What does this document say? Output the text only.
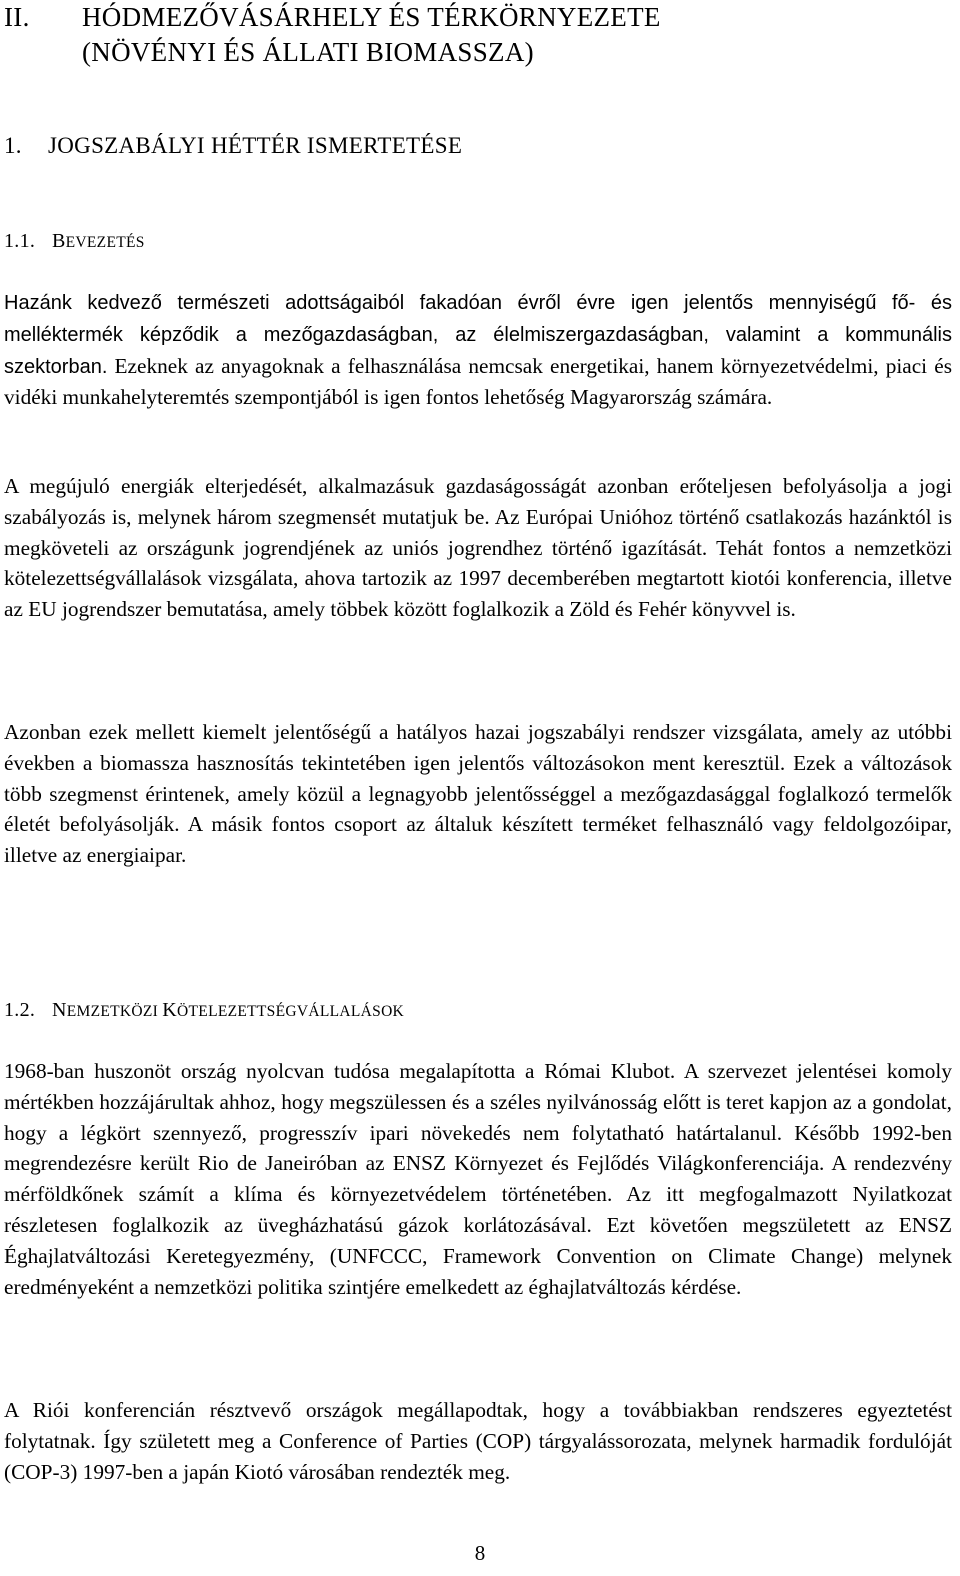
II. HÓDMEZŐVÁSÁRHELY ÉS TÉRKÖRNYEZETE
(NÖVÉNYI ÉS ÁLLATI BIOMASSZA)
1. JOGSZABÁLYI HÉTTÉR ISMERTETÉSE
1.1. BEVEZETÉS

Hazánk kedvező természeti adottságaiból fakadóan évről évre igen jelentős mennyiségű fő- és melléktermék képződik a mezőgazdaságban, az élelmiszergazdaságban, valamint a kommunális szektorban. Ezeknek az anyagoknak a felhasználása nemcsak energetikai, hanem környezetvédelmi, piaci és vidéki munkahelyteremtés szempontjából is igen fontos lehetőség Magyarország számára.

A megújuló energiák elterjedését, alkalmazásuk gazdaságosságát azonban erőteljesen befolyásolja a jogi szabályozás is, melynek három szegmensét mutatjuk be. Az Európai Unióhoz történő csatlakozás hazánktól is megköveteli az országunk jogrendjének az uniós jogrendhez történő igazítását. Tehát fontos a nemzetközi kötelezettségvállalások vizsgálata, ahova tartozik az 1997 decemberében megtartott kiotói konferencia, illetve az EU jogrendszer bemutatása, amely többek között foglalkozik a Zöld és Fehér könyvvel is.

Azonban ezek mellett kiemelt jelentőségű a hatályos hazai jogszabályi rendszer vizsgálata, amely az utóbbi években a biomassza hasznosítás tekintetében igen jelentős változásokon ment keresztül. Ezek a változások több szegmenst érintenek, amely közül a legnagyobb jelentősséggel a mezőgazdasággal foglalkozó termelők életét befolyásolják. A másik fontos csoport az általuk készített terméket felhasználó vagy feldolgozóipar, illetve az energiaipar.

1.2. NEMZETKÖZI KÖTELEZETTSÉGVÁLLALÁSOK

1968-ban huszonöt ország nyolcvan tudósa megalapította a Római Klubot. A szervezet jelentései komoly mértékben hozzájárultak ahhoz, hogy megszülessen és a széles nyilvánosság előtt is teret kapjon az a gondolat, hogy a légkört szennyező, progresszív ipari növekedés nem folytatható határtalanul. Később 1992-ben megrendezésre került Rio de Janeiróban az ENSZ Környezet és Fejlődés Világkonferenciája. A rendezvény mérföldkőnek számít a klíma és környezetvédelem történetében. Az itt megfogalmazott Nyilatkozat részletesen foglalkozik az üvegházhatású gázok korlátozásával. Ezt követően megszületett az ENSZ Éghajlatváltozási Keretegyezmény, (UNFCCC, Framework Convention on Climate Change) melynek eredményeként a nemzetközi politika szintjére emelkedett az éghajlatváltozás kérdése.

A Riói konferencián résztvevő országok megállapodtak, hogy a továbbiakban rendszeres egyeztetést folytatnak. Így született meg a Conference of Parties (COP) tárgyalássorozata, melynek harmadik fordulóját (COP-3) 1997-ben a japán Kiotó városában rendezték meg.

8
